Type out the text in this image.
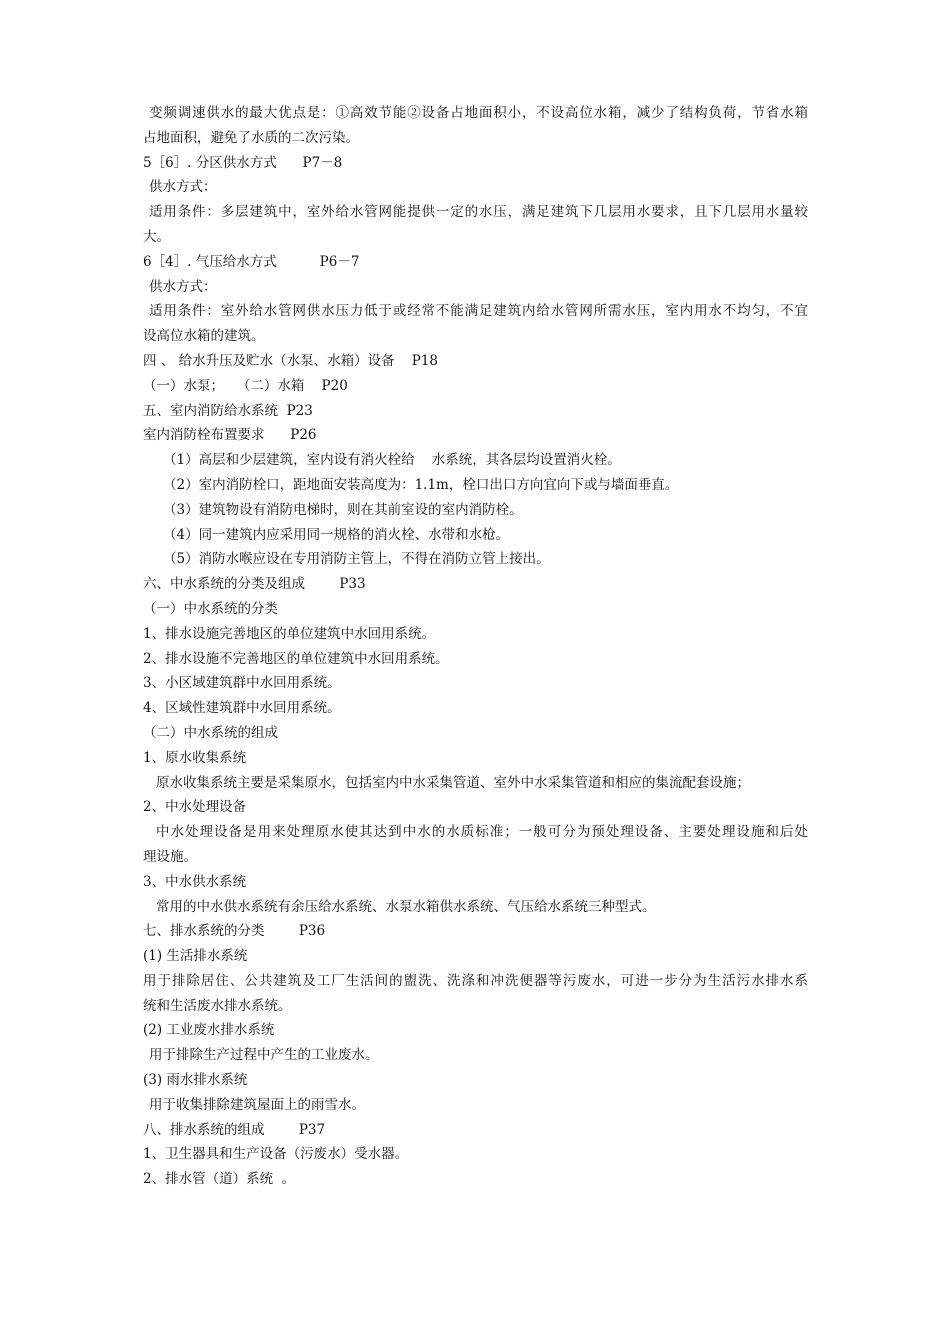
变频调速供水的最大优点是：①高效节能②设备占地面积小，不设高位水箱，减少了结构负荷，节省水箱
占地面积，避免了水质的二次污染。
5［6］. 分区供水方式      P7－8
供水方式：
适用条件：多层建筑中，室外给水管网能提供一定的水压，满足建筑下几层用水要求，且下几层用水量较
大。
6［4］. 气压给水方式          P6－7
供水方式：
适用条件：室外给水管网供水压力低于或经常不能满足建筑内给水管网所需水压，室内用水不均匀，不宜
设高位水箱的建筑。
四 、 给水升压及贮水（水泵、水箱）设备    P18
（一）水泵；   （二）水箱    P20
五、室内消防给水系统  P23
室内消防栓布置要求      P26
（1）高层和少层建筑，室内设有消火栓给    水系统，其各层均设置消火栓。
（2）室内消防栓口，距地面安装高度为：1.1m，栓口出口方向宜向下或与墙面垂直。
（3）建筑物设有消防电梯时，则在其前室设的室内消防栓。
（4）同一建筑内应采用同一规格的消火栓、水带和水枪。
（5）消防水喉应设在专用消防主管上，不得在消防立管上接出。
六、中水系统的分类及组成        P33
（一）中水系统的分类
1、排水设施完善地区的单位建筑中水回用系统。
2、排水设施不完善地区的单位建筑中水回用系统。
3、小区域建筑群中水回用系统。
4、区域性建筑群中水回用系统。
（二）中水系统的组成
1、原水收集系统
原水收集系统主要是采集原水，包括室内中水采集管道、室外中水采集管道和相应的集流配套设施；
2、中水处理设备
中水处理设备是用来处理原水使其达到中水的水质标准；一般可分为预处理设备、主要处理设施和后处
理设施。
3、中水供水系统
常用的中水供水系统有余压给水系统、水泵水箱供水系统、气压给水系统三种型式。
七、排水系统的分类        P36
(1) 生活排水系统
用于排除居住、公共建筑及工厂生活间的盥洗、洗涤和冲洗便器等污废水，可进一步分为生活污水排水系
统和生活废水排水系统。
(2) 工业废水排水系统
用于排除生产过程中产生的工业废水。
(3) 雨水排水系统
用于收集排除建筑屋面上的雨雪水。
八、排水系统的组成        P37
1、卫生器具和生产设备（污废水）受水器。
2、排水管（道）系统  。
